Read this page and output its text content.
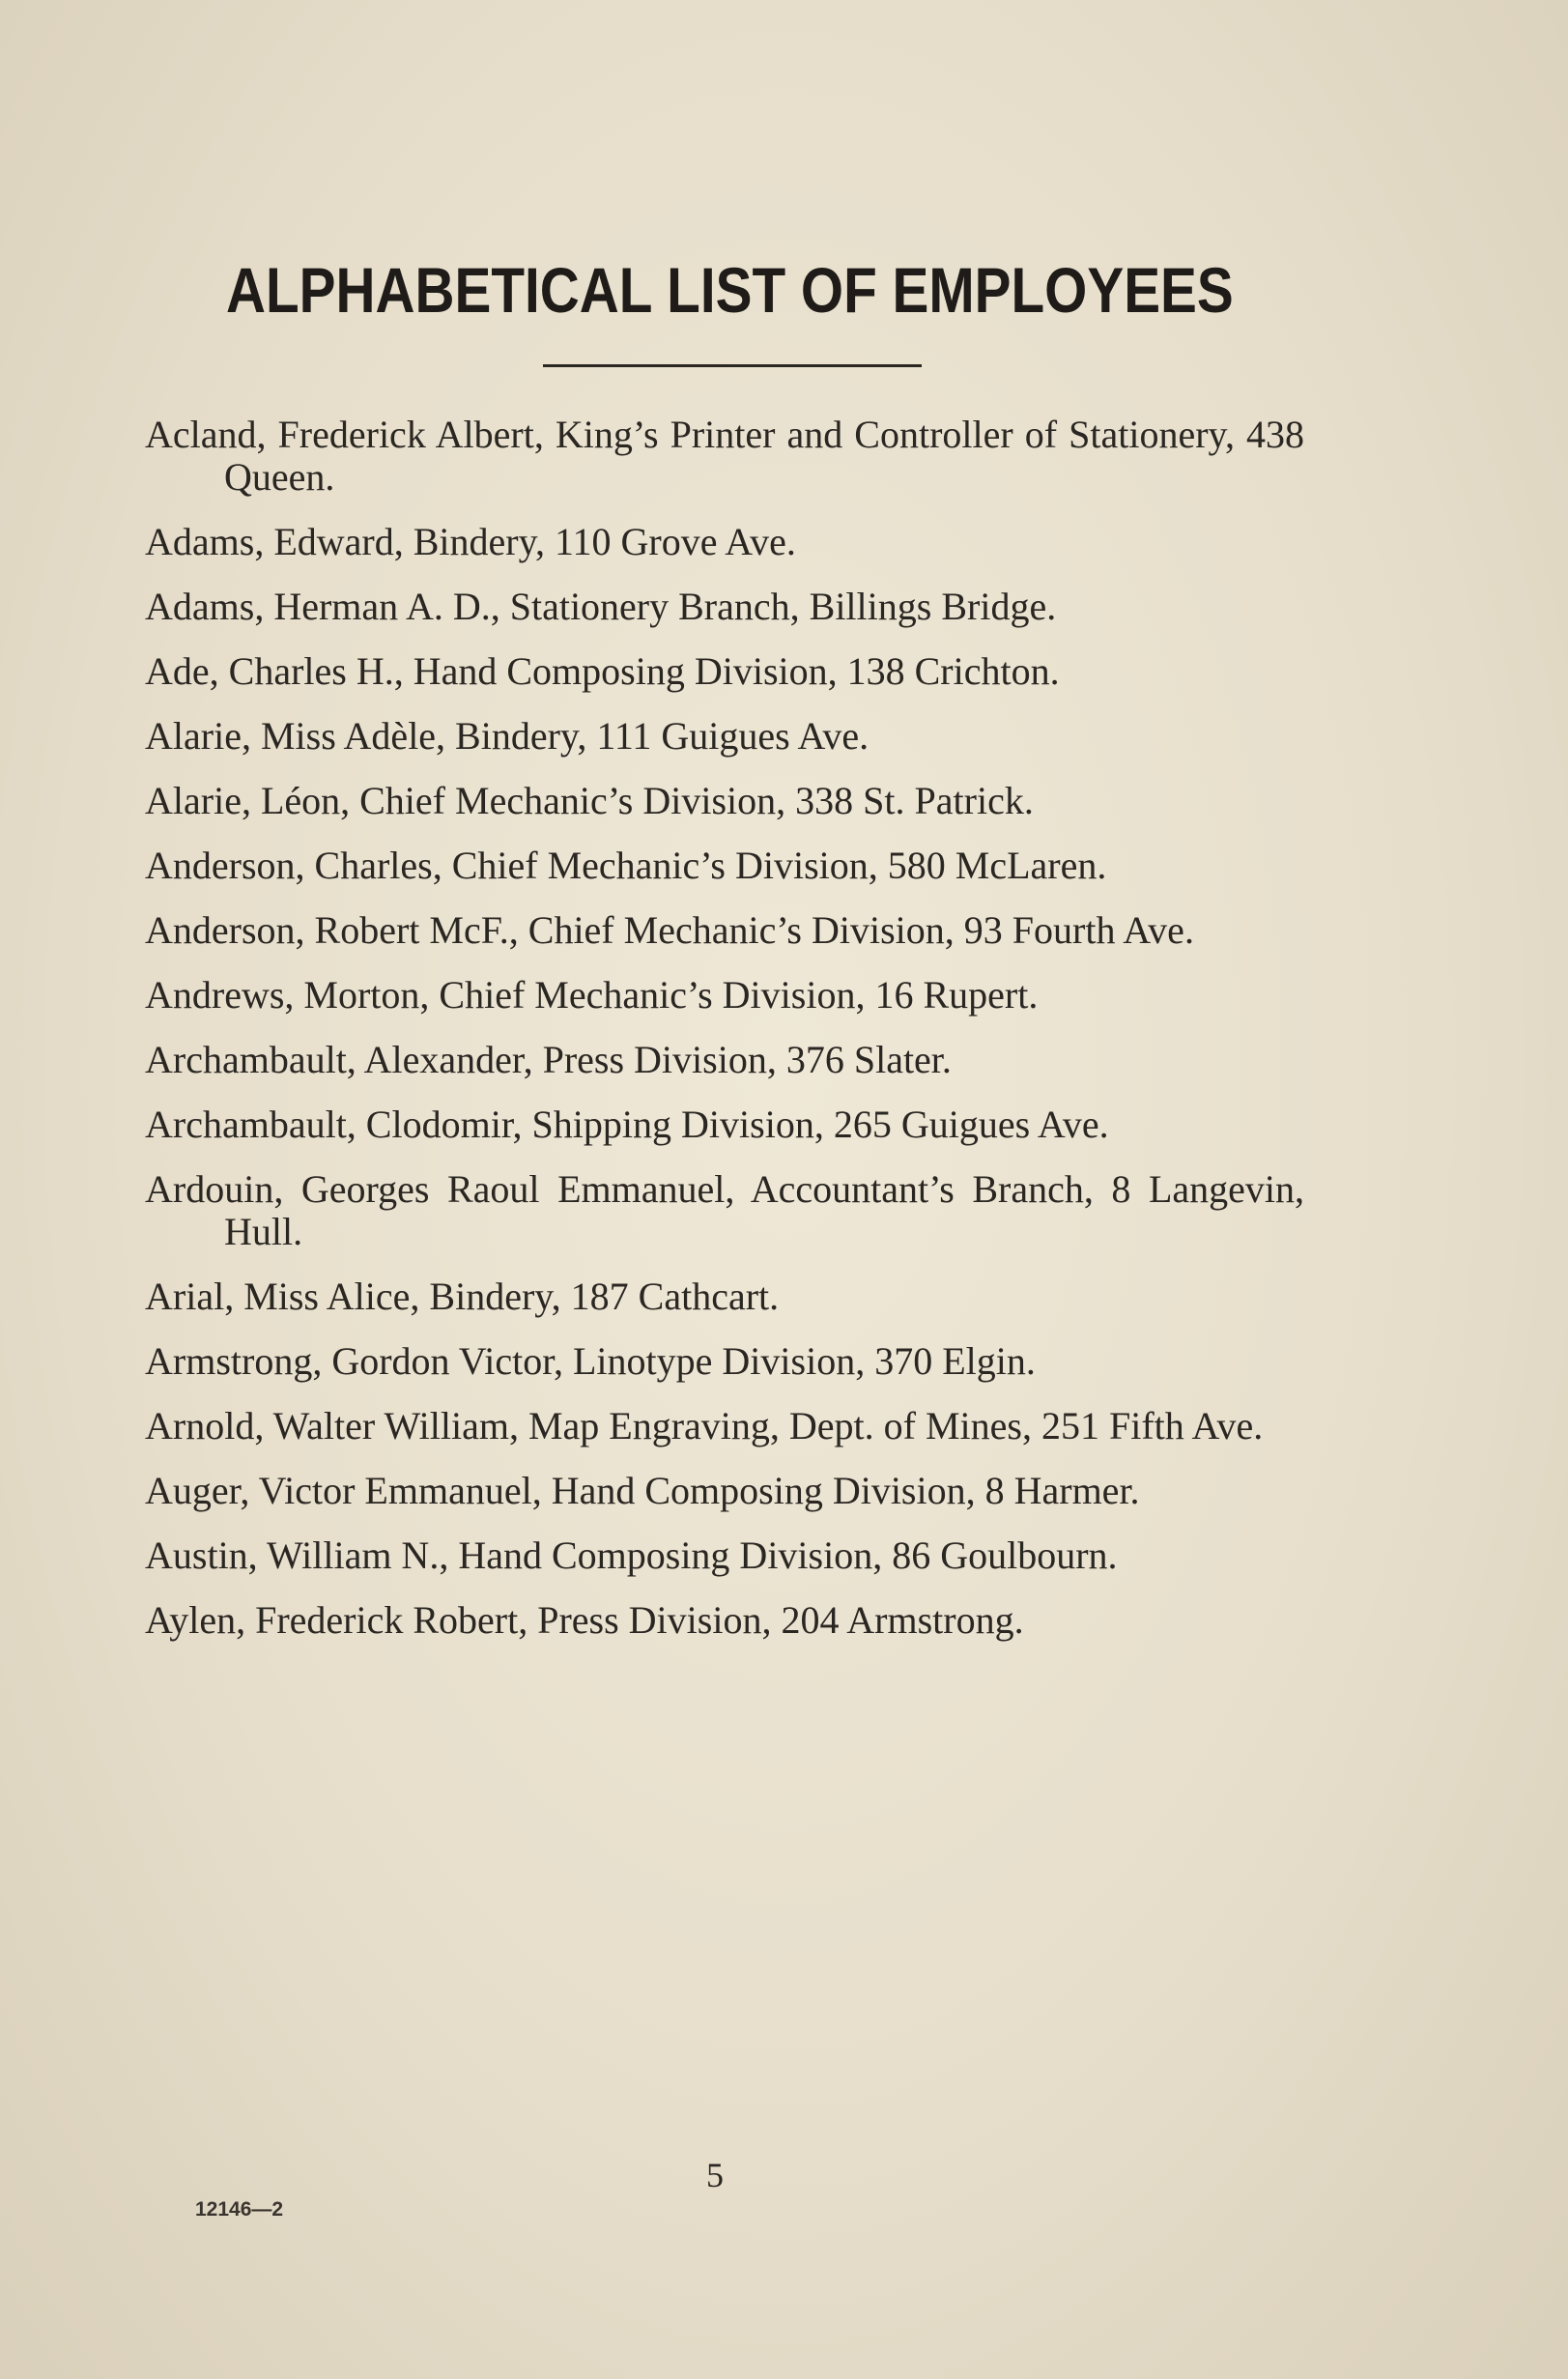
ALPHABETICAL LIST OF EMPLOYEES
Acland, Frederick Albert, King’s Printer and Controller of Stationery, 438 Queen.
Adams, Edward, Bindery, 110 Grove Ave.
Adams, Herman A. D., Stationery Branch, Billings Bridge.
Ade, Charles H., Hand Composing Division, 138 Crichton.
Alarie, Miss Adèle, Bindery, 111 Guigues Ave.
Alarie, Léon, Chief Mechanic’s Division, 338 St. Patrick.
Anderson, Charles, Chief Mechanic’s Division, 580 McLaren.
Anderson, Robert McF., Chief Mechanic’s Division, 93 Fourth Ave.
Andrews, Morton, Chief Mechanic’s Division, 16 Rupert.
Archambault, Alexander, Press Division, 376 Slater.
Archambault, Clodomir, Shipping Division, 265 Guigues Ave.
Ardouin, Georges Raoul Emmanuel, Accountant’s Branch, 8 Langevin, Hull.
Arial, Miss Alice, Bindery, 187 Cathcart.
Armstrong, Gordon Victor, Linotype Division, 370 Elgin.
Arnold, Walter William, Map Engraving, Dept. of Mines, 251 Fifth Ave.
Auger, Victor Emmanuel, Hand Composing Division, 8 Harmer.
Austin, William N., Hand Composing Division, 86 Goulbourn.
Aylen, Frederick Robert, Press Division, 204 Armstrong.
5
12146—2
